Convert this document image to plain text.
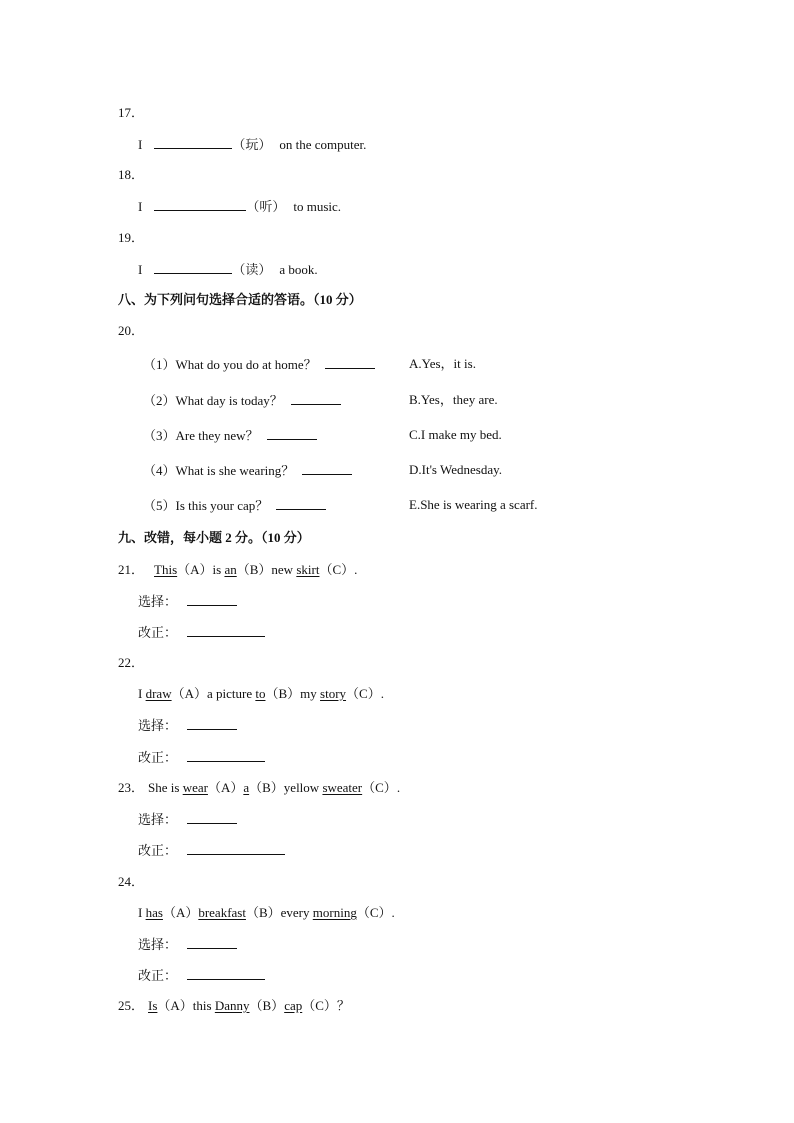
17．
I	（玩） on the computer.
18．
I	（听） to music.
19．
I	（读） a book.
八、为下列问句选择合适的答语。（10 分）
20．
（1）What do you do at home？	A.Yes，it is.
（2）What day is today？	B.Yes，they are.
（3）Are they new？	C.I make my bed.
（4）What is she wearing？	D.It's Wednesday.
（5）Is this your cap？	E.She is wearing a scarf.
九、改错，每小题 2 分。（10 分）
21． This（A）is an（B）new skirt（C）.
选择：
改正：
22．
I draw（A）a picture to（B）my story（C）.
选择：
改正：
23． She is wear（A）a（B）yellow sweater（C）.
选择：
改正：
24．
I has（A）breakfast（B）every morning（C）.
选择：
改正：
25． Is（A）this Danny（B）cap（C）？
